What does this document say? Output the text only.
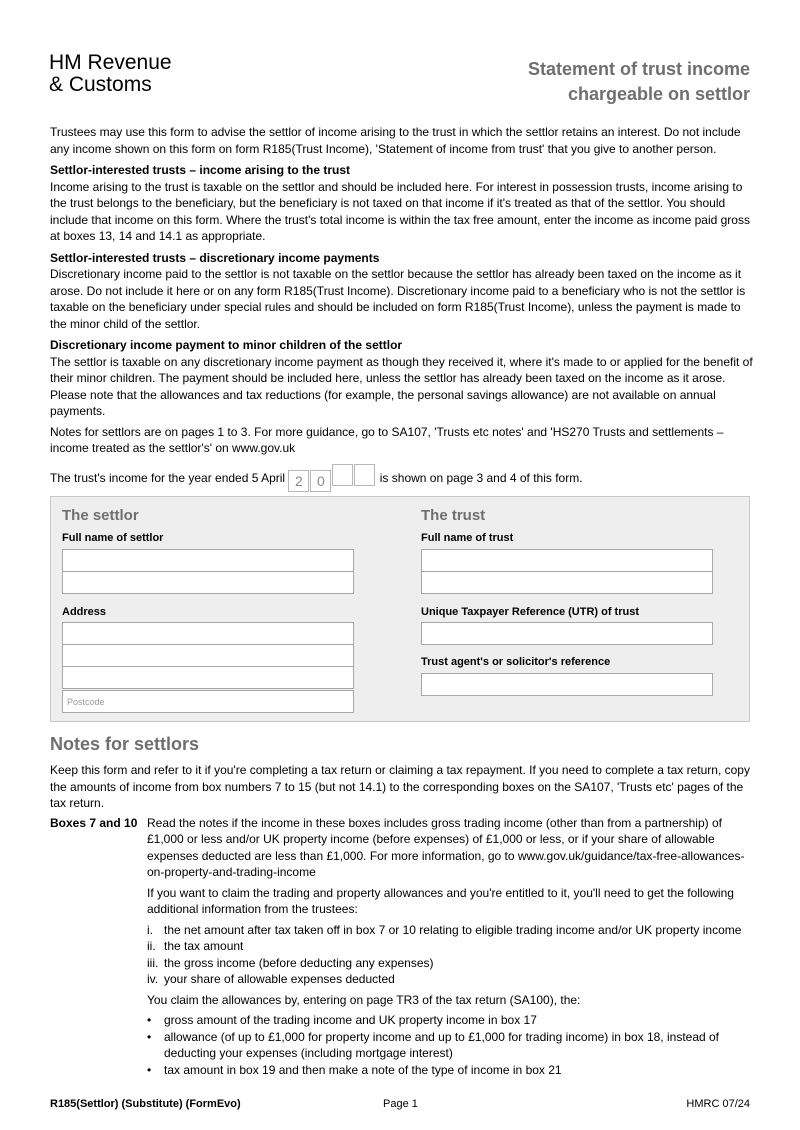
HM Revenue
& Customs
Statement of trust income
chargeable on settlor

Trustees may use this form to advise the settlor of income arising to the trust in which the settlor retains an interest. Do not include any income shown on this form on form R185(Trust Income), 'Statement of income from trust' that you give to another person.

Settlor-interested trusts – income arising to the trust

Income arising to the trust is taxable on the settlor and should be included here. For interest in possession trusts, income arising to the trust belongs to the beneficiary, but the beneficiary is not taxed on that income if it's treated as that of the settlor. You should include that income on this form. Where the trust's total income is within the tax free amount, enter the income as income paid gross at boxes 13, 14 and 14.1 as appropriate.

Settlor-interested trusts – discretionary income payments

Discretionary income paid to the settlor is not taxable on the settlor because the settlor has already been taxed on the income as it arose. Do not include it here or on any form R185(Trust Income). Discretionary income paid to a beneficiary who is not the settlor is taxable on the beneficiary under special rules and should be included on form R185(Trust Income), unless the payment is made to the minor child of the settlor.

Discretionary income payment to minor children of the settlor

The settlor is taxable on any discretionary income payment as though they received it, where it's made to or applied for the benefit of their minor children. The payment should be included here, unless the settlor has already been taxed on the income as it arose. Please note that the allowances and tax reductions (for example, the personal savings allowance) are not available on annual payments.

Notes for settlors are on pages 1 to 3. For more guidance, go to SA107, 'Trusts etc notes' and 'HS270 Trusts and settlements – income treated as the settlor's' on www.gov.uk

The trust's income for the year ended 5 April 2 0	is shown on page 3 and 4 of this form.
The settlor
Full name of settlor
Address
Postcode
The trust
Full name of trust
Unique Taxpayer Reference (UTR) of trust
Trust agent's or solicitor's reference
Notes for settlors

Keep this form and refer to it if you're completing a tax return or claiming a tax repayment. If you need to complete a tax return, copy the amounts of income from box numbers 7 to 15 (but not 14.1) to the corresponding boxes on the SA107, 'Trusts etc' pages of the tax return.

Boxes 7 and 10 Read the notes if the income in these boxes includes gross trading income (other than from a partnership) of £1,000 or less and/or UK property income (before expenses) of £1,000 or less, or if your share of allowable expenses deducted are less than £1,000. For more information, go to www.gov.uk/guidance/tax-free-allowances-on-property-and-trading-income

If you want to claim the trading and property allowances and you're entitled to it, you'll need to get the following additional information from the trustees:

i. the net amount after tax taken off in box 7 or 10 relating to eligible trading income and/or UK property income
ii. the tax amount
iii. the gross income (before deducting any expenses)
iv. your share of allowable expenses deducted

You claim the allowances by, entering on page TR3 of the tax return (SA100), the:

•	gross amount of the trading income and UK property income in box 17
•	allowance (of up to £1,000 for property income and up to £1,000 for trading income) in box 18, instead of deducting your expenses (including mortgage interest)
•	tax amount in box 19 and then make a note of the type of income in box 21
R185(Settlor) (Substitute) (FormEvo)	Page 1	HMRC 07/24
